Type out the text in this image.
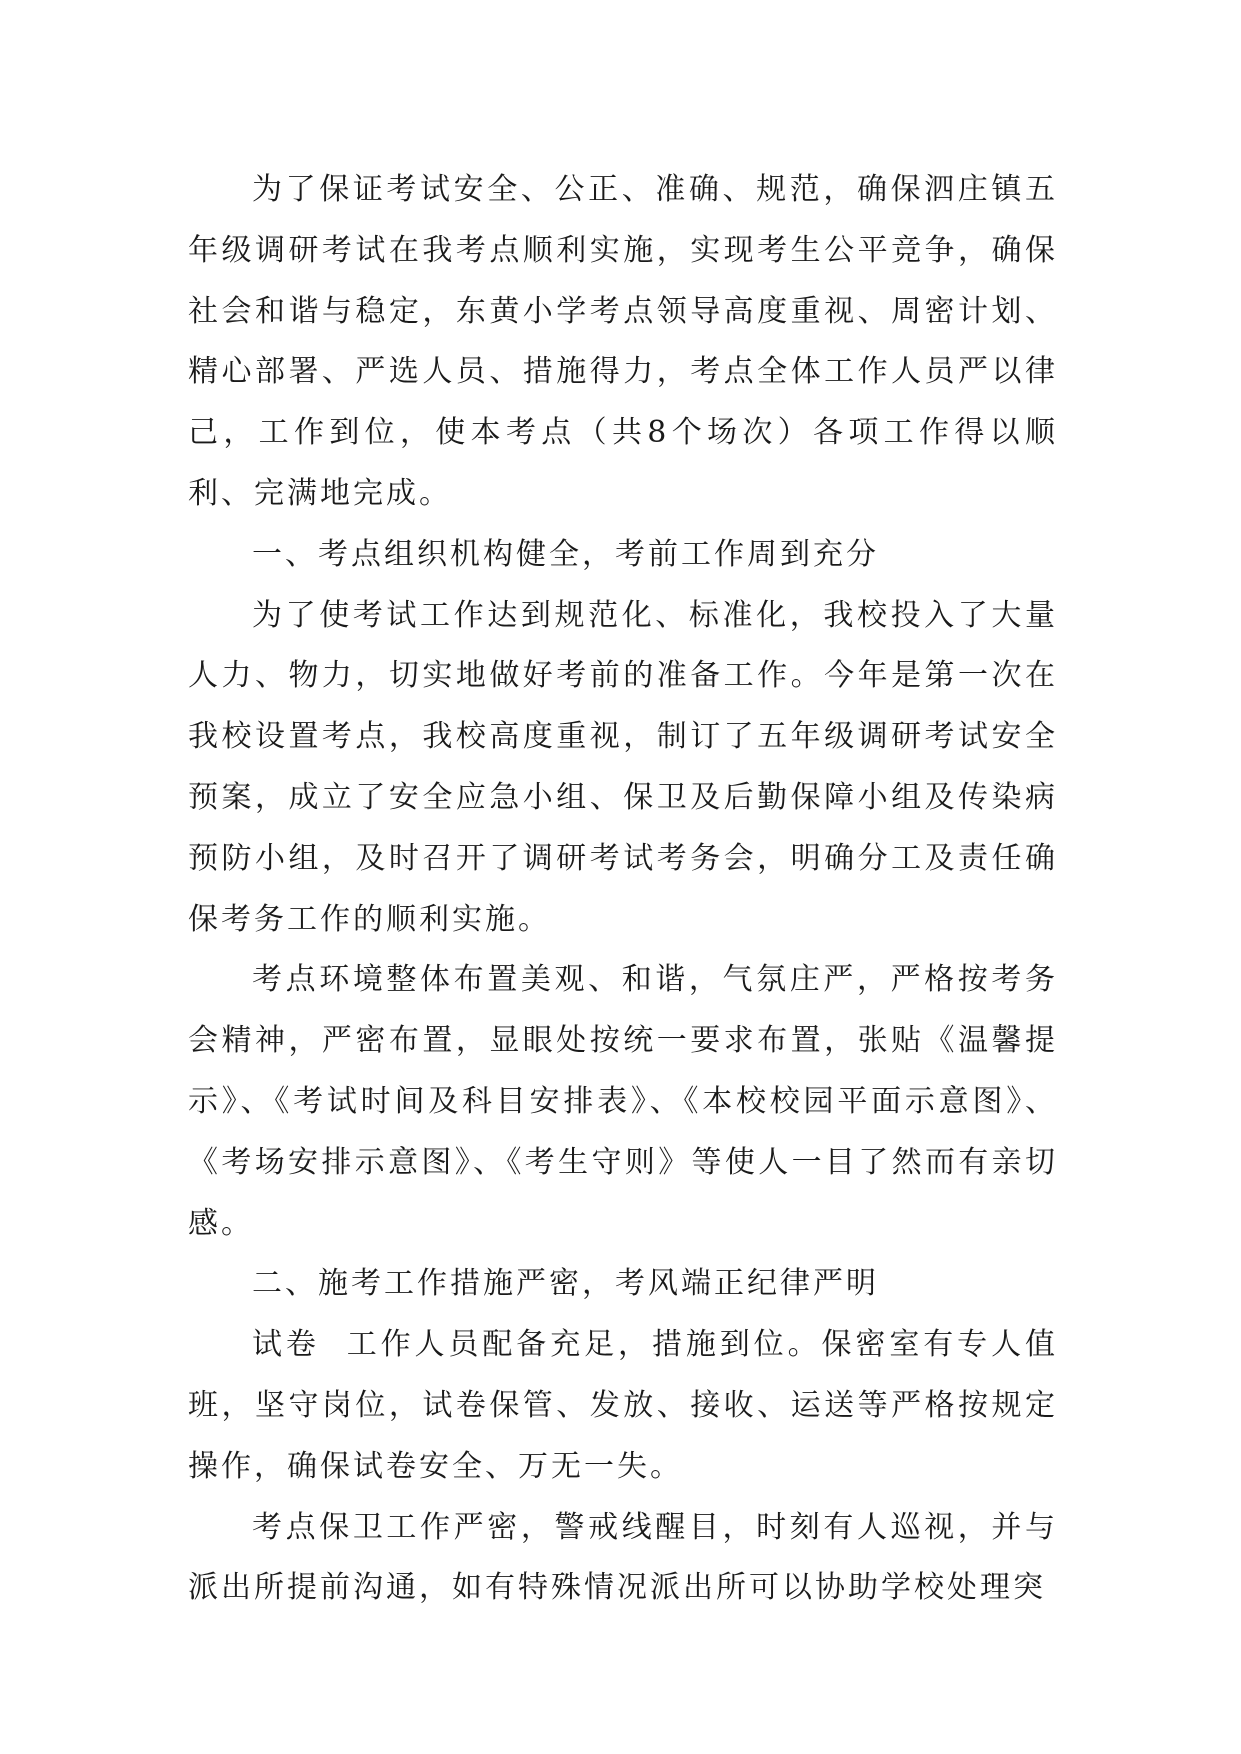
为了保证考试安全、公正、准确、规范，确保泗庄镇五年级调研考试在我考点顺利实施，实现考生公平竞争，确保社会和谐与稳定，东黄小学考点领导高度重视、周密计划、精心部署、严选人员、措施得力，考点全体工作人员严以律己，工作到位，使本考点（共8个场次）各项工作得以顺利、完满地完成。

一、考点组织机构健全，考前工作周到充分

为了使考试工作达到规范化、标准化，我校投入了大量人力、物力，切实地做好考前的准备工作。今年是第一次在我校设置考点，我校高度重视，制订了五年级调研考试安全预案，成立了安全应急小组、保卫及后勤保障小组及传染病预防小组，及时召开了调研考试考务会，明确分工及责任确保考务工作的顺利实施。

考点环境整体布置美观、和谐，气氛庄严，严格按考务会精神，严密布置，显眼处按统一要求布置，张贴《温馨提示》、《考试时间及科目安排表》、《本校校园平面示意图》、《考场安排示意图》、《考生守则》等使人一目了然而有亲切感。

二、施考工作措施严密，考风端正纪律严明

试卷  工作人员配备充足，措施到位。保密室有专人值班，坚守岗位，试卷保管、发放、接收、运送等严格按规定操作，确保试卷安全、万无一失。

考点保卫工作严密，警戒线醒目，时刻有人巡视，并与派出所提前沟通，如有特殊情况派出所可以协助学校处理突
